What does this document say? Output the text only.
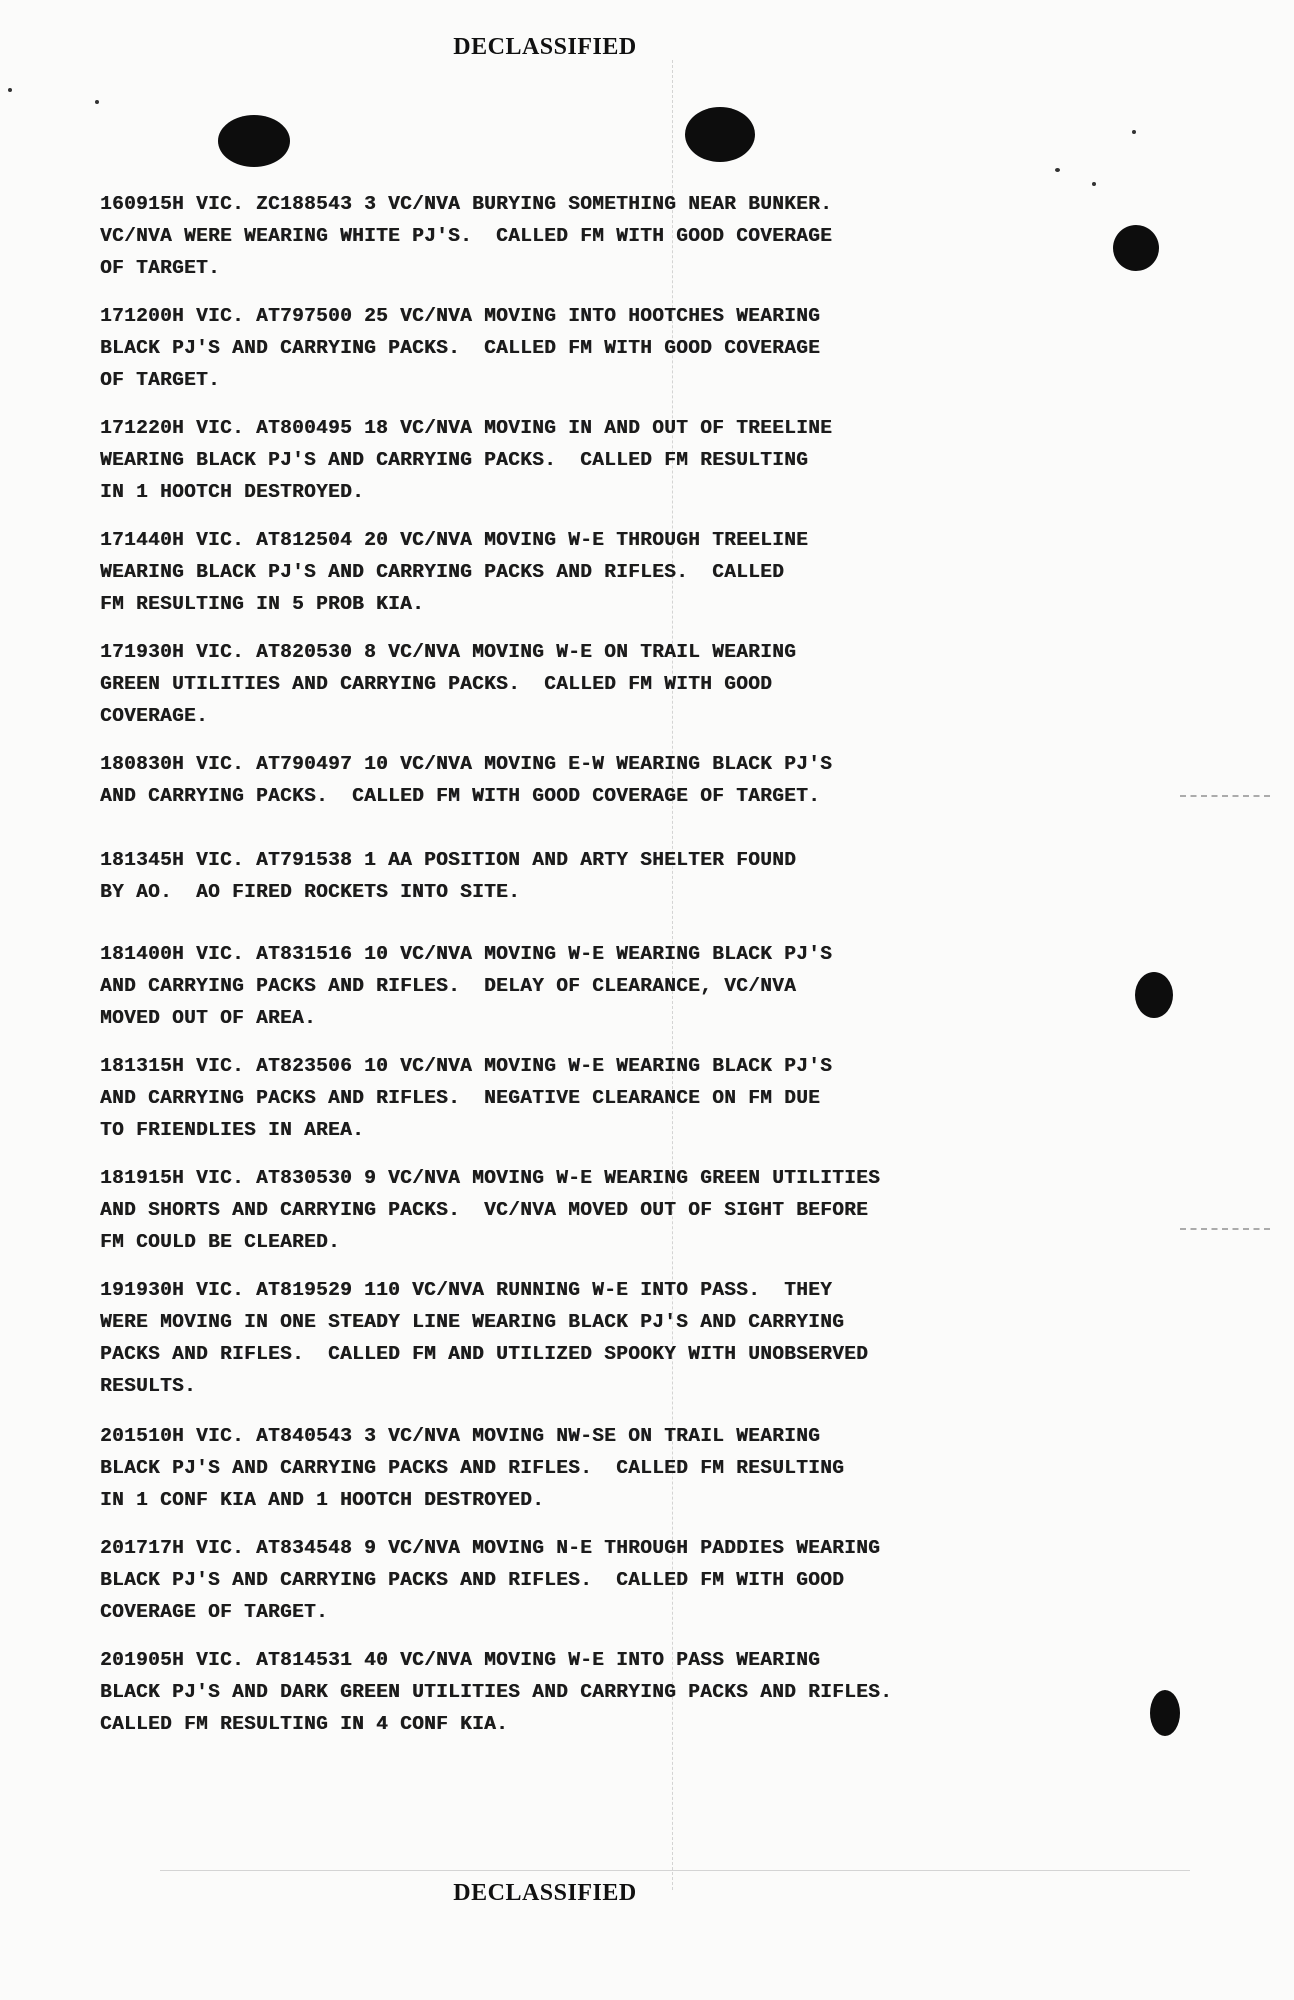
DECLASSIFIED

160915H VIC. ZC188543 3 VC/NVA BURYING SOMETHING NEAR BUNKER.
VC/NVA WERE WEARING WHITE PJ'S.  CALLED FM WITH GOOD COVERAGE
OF TARGET.

171200H VIC. AT797500 25 VC/NVA MOVING INTO HOOTCHES WEARING
BLACK PJ'S AND CARRYING PACKS.  CALLED FM WITH GOOD COVERAGE
OF TARGET.

171220H VIC. AT800495 18 VC/NVA MOVING IN AND OUT OF TREELINE
WEARING BLACK PJ'S AND CARRYING PACKS.  CALLED FM RESULTING
IN 1 HOOTCH DESTROYED.

171440H VIC. AT812504 20 VC/NVA MOVING W-E THROUGH TREELINE
WEARING BLACK PJ'S AND CARRYING PACKS AND RIFLES.  CALLED
FM RESULTING IN 5 PROB KIA.

171930H VIC. AT820530 8 VC/NVA MOVING W-E ON TRAIL WEARING
GREEN UTILITIES AND CARRYING PACKS.  CALLED FM WITH GOOD
COVERAGE.

180830H VIC. AT790497 10 VC/NVA MOVING E-W WEARING BLACK PJ'S
AND CARRYING PACKS.  CALLED FM WITH GOOD COVERAGE OF TARGET.

181345H VIC. AT791538 1 AA POSITION AND ARTY SHELTER FOUND
BY AO.  AO FIRED ROCKETS INTO SITE.

181400H VIC. AT831516 10 VC/NVA MOVING W-E WEARING BLACK PJ'S
AND CARRYING PACKS AND RIFLES.  DELAY OF CLEARANCE, VC/NVA
MOVED OUT OF AREA.

181315H VIC. AT823506 10 VC/NVA MOVING W-E WEARING BLACK PJ'S
AND CARRYING PACKS AND RIFLES.  NEGATIVE CLEARANCE ON FM DUE
TO FRIENDLIES IN AREA.

181915H VIC. AT830530 9 VC/NVA MOVING W-E WEARING GREEN UTILITIES
AND SHORTS AND CARRYING PACKS.  VC/NVA MOVED OUT OF SIGHT BEFORE
FM COULD BE CLEARED.

191930H VIC. AT819529 110 VC/NVA RUNNING W-E INTO PASS.  THEY
WERE MOVING IN ONE STEADY LINE WEARING BLACK PJ'S AND CARRYING
PACKS AND RIFLES.  CALLED FM AND UTILIZED SPOOKY WITH UNOBSERVED
RESULTS.

201510H VIC. AT840543 3 VC/NVA MOVING NW-SE ON TRAIL WEARING
BLACK PJ'S AND CARRYING PACKS AND RIFLES.  CALLED FM RESULTING
IN 1 CONF KIA AND 1 HOOTCH DESTROYED.

201717H VIC. AT834548 9 VC/NVA MOVING N-E THROUGH PADDIES WEARING
BLACK PJ'S AND CARRYING PACKS AND RIFLES.  CALLED FM WITH GOOD
COVERAGE OF TARGET.

201905H VIC. AT814531 40 VC/NVA MOVING W-E INTO PASS WEARING
BLACK PJ'S AND DARK GREEN UTILITIES AND CARRYING PACKS AND RIFLES.
CALLED FM RESULTING IN 4 CONF KIA.

DECLASSIFIED
